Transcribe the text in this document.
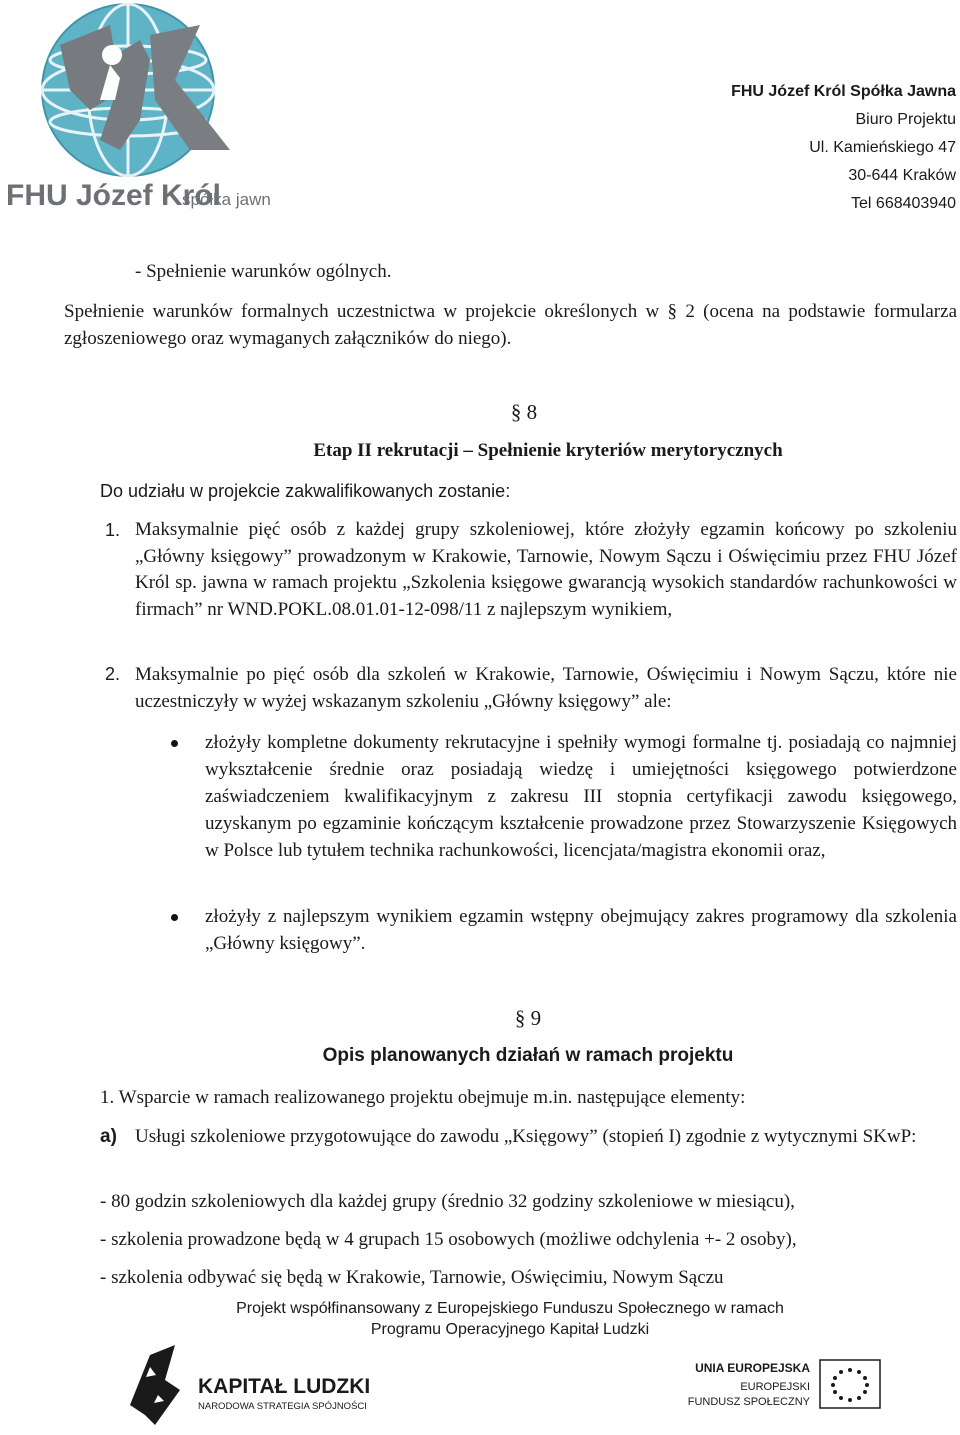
FHU Józef Król
spółka jawn
FHU Józef Król Spółka Jawna
Biuro Projektu
Ul. Kamieńskiego 47
30-644 Kraków
Tel 668403940
- Spełnienie warunków ogólnych.
Spełnienie warunków formalnych uczestnictwa w projekcie określonych w § 2 (ocena na podstawie formularza zgłoszeniowego oraz wymaganych załączników do niego).
§ 8
Etap II rekrutacji – Spełnienie kryteriów merytorycznych
Do udziału w projekcie zakwalifikowanych zostanie:
1. Maksymalnie pięć osób z każdej grupy szkoleniowej, które złożyły egzamin końcowy po szkoleniu „Główny księgowy” prowadzonym w Krakowie, Tarnowie, Nowym Sączu i Oświęcimiu przez FHU Józef Król sp. jawna w ramach projektu „Szkolenia księgowe gwarancją wysokich standardów rachunkowości w firmach” nr WND.POKL.08.01.01-12-098/11 z najlepszym wynikiem,
2. Maksymalnie po pięć osób dla szkoleń w Krakowie, Tarnowie, Oświęcimiu i Nowym Sączu, które nie uczestniczyły w wyżej wskazanym szkoleniu „Główny księgowy” ale:
złożyły kompletne dokumenty rekrutacyjne i spełniły wymogi formalne tj. posiadają co najmniej wykształcenie średnie oraz posiadają wiedzę i umiejętności księgowego potwierdzone zaświadczeniem kwalifikacyjnym z zakresu III stopnia certyfikacji zawodu księgowego, uzyskanym po egzaminie kończącym kształcenie prowadzone przez Stowarzyszenie Księgowych w Polsce lub tytułem technika rachunkowości, licencjata/magistra ekonomii oraz,
złożyły z najlepszym wynikiem egzamin wstępny obejmujący zakres programowy dla szkolenia „Główny księgowy”.
§ 9
Opis planowanych działań w ramach projektu
1. Wsparcie w ramach realizowanego projektu obejmuje m.in. następujące elementy:
a) Usługi szkoleniowe przygotowujące do zawodu „Księgowy” (stopień I) zgodnie z wytycznymi SKwP:
- 80 godzin szkoleniowych dla każdej grupy (średnio 32 godziny szkoleniowe w miesiącu),
- szkolenia prowadzone będą w 4 grupach 15 osobowych (możliwe odchylenia +- 2 osoby),
- szkolenia odbywać się będą w Krakowie, Tarnowie, Oświęcimiu, Nowym Sączu
Projekt współfinansowany z Europejskiego Funduszu Społecznego w ramach
Programu Operacyjnego Kapitał Ludzki
KAPITAŁ LUDZKI
NARODOWA STRATEGIA SPÓJNOŚCI
UNIA EUROPEJSKA
EUROPEJSKI
FUNDUSZ SPOŁECZNY
